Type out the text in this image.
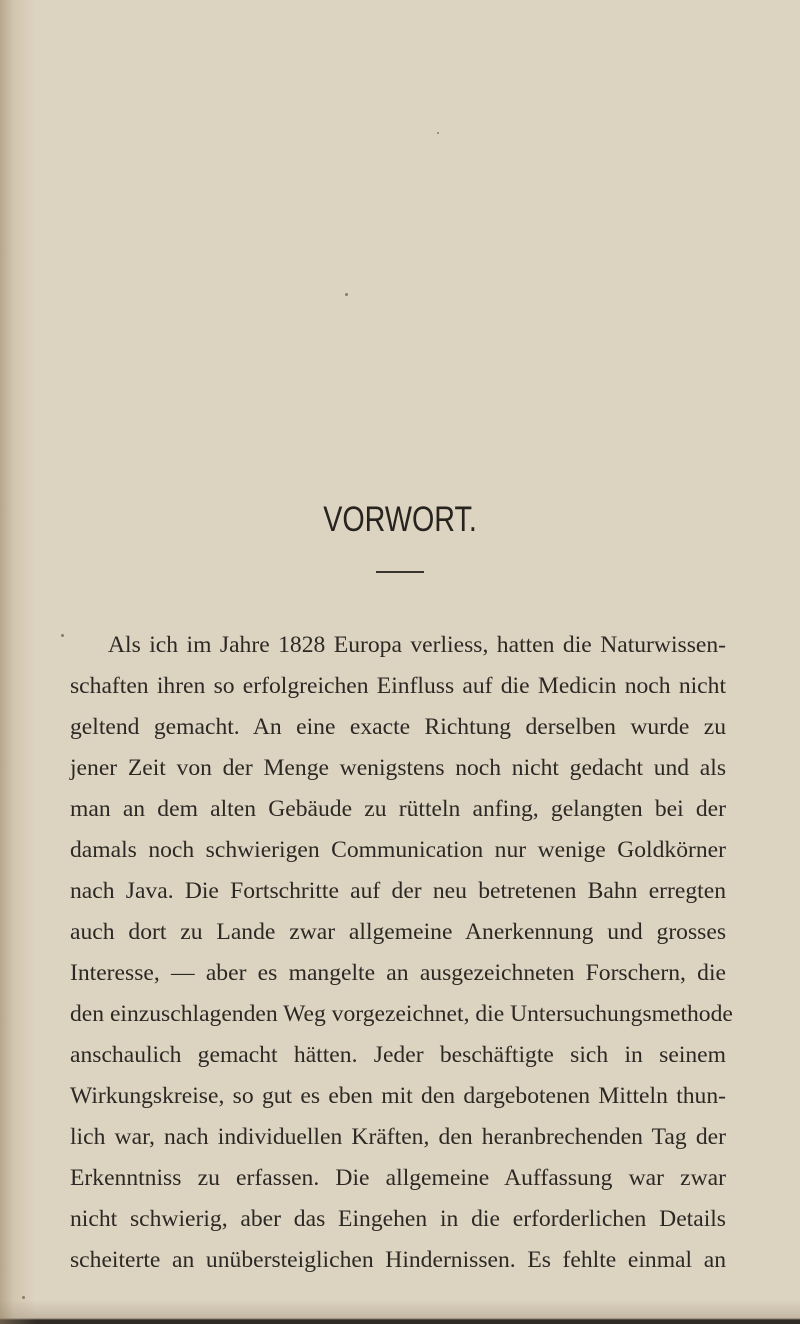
VORWORT.
Als ich im Jahre 1828 Europa verliess, hatten die Naturwissen-
schaften ihren so erfolgreichen Einfluss auf die Medicin noch nicht
geltend gemacht. An eine exacte Richtung derselben wurde zu
jener Zeit von der Menge wenigstens noch nicht gedacht und als
man an dem alten Gebäude zu rütteln anfing, gelangten bei der
damals noch schwierigen Communication nur wenige Goldkörner
nach Java. Die Fortschritte auf der neu betretenen Bahn erregten
auch dort zu Lande zwar allgemeine Anerkennung und grosses
Interesse, — aber es mangelte an ausgezeichneten Forschern, die
den einzuschlagenden Weg vorgezeichnet, die Untersuchungsmethode
anschaulich gemacht hätten. Jeder beschäftigte sich in seinem
Wirkungskreise, so gut es eben mit den dargebotenen Mitteln thun-
lich war, nach individuellen Kräften, den heranbrechenden Tag der
Erkenntniss zu erfassen. Die allgemeine Auffassung war zwar
nicht schwierig, aber das Eingehen in die erforderlichen Details
scheiterte an unübersteiglichen Hindernissen. Es fehlte einmal an
